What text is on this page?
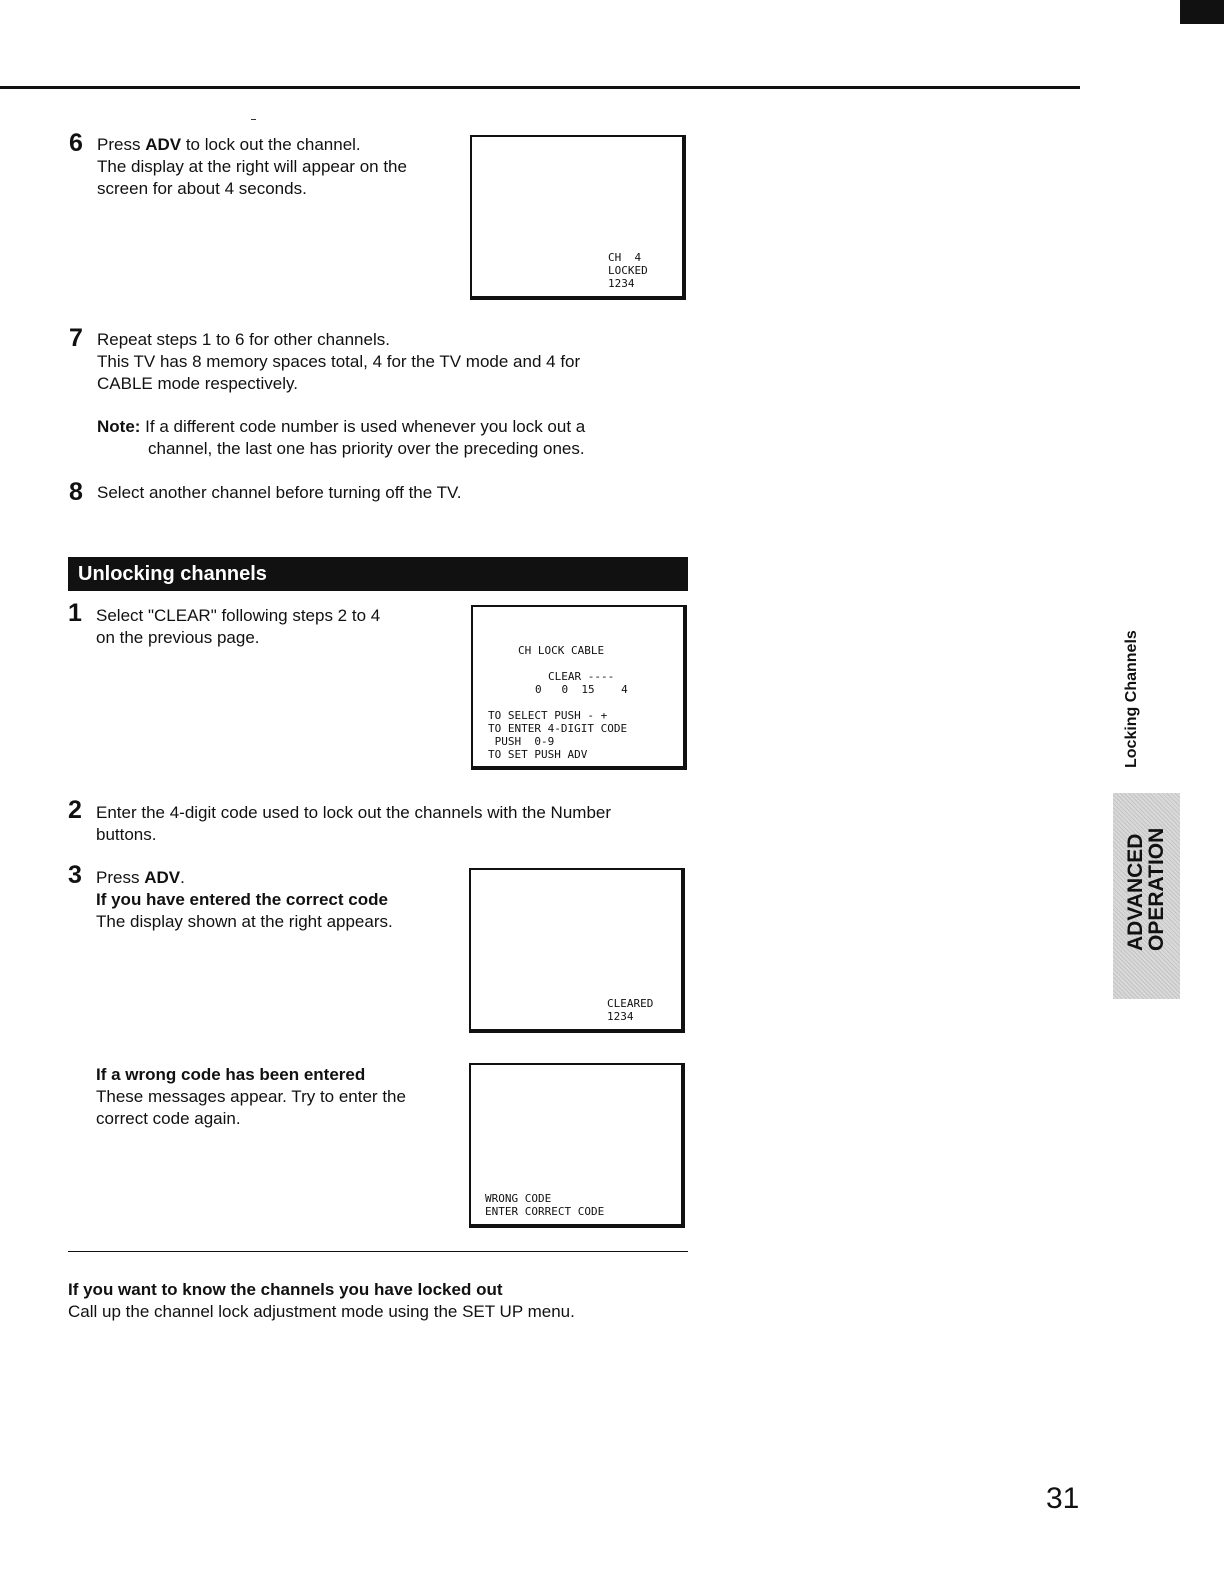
6 Press ADV to lock out the channel.
The display at the right will appear on the
screen for about 4 seconds.
CH  4
LOCKED
1234
7 Repeat steps 1 to 6 for other channels.
This TV has 8 memory spaces total, 4 for the TV mode and 4 for
CABLE mode respectively.
Note: If a different code number is used whenever you lock out a
channel, the last one has priority over the preceding ones.
8 Select another channel before turning off the TV.
Unlocking channels
1 Select "CLEAR" following steps 2 to 4
on the previous page.
CH LOCK CABLE
CLEAR ----
0   0  15    4
TO SELECT PUSH - +
TO ENTER 4-DIGIT CODE
PUSH  0-9
TO SET PUSH ADV
2 Enter the 4-digit code used to lock out the channels with the Number
buttons.
3 Press ADV.
If you have entered the correct code
The display shown at the right appears.
CLEARED
1234
If a wrong code has been entered
These messages appear. Try to enter the
correct code again.
WRONG CODE
ENTER CORRECT CODE
If you want to know the channels you have locked out
Call up the channel lock adjustment mode using the SET UP menu.
Locking Channels
ADVANCED
OPERATION
31
